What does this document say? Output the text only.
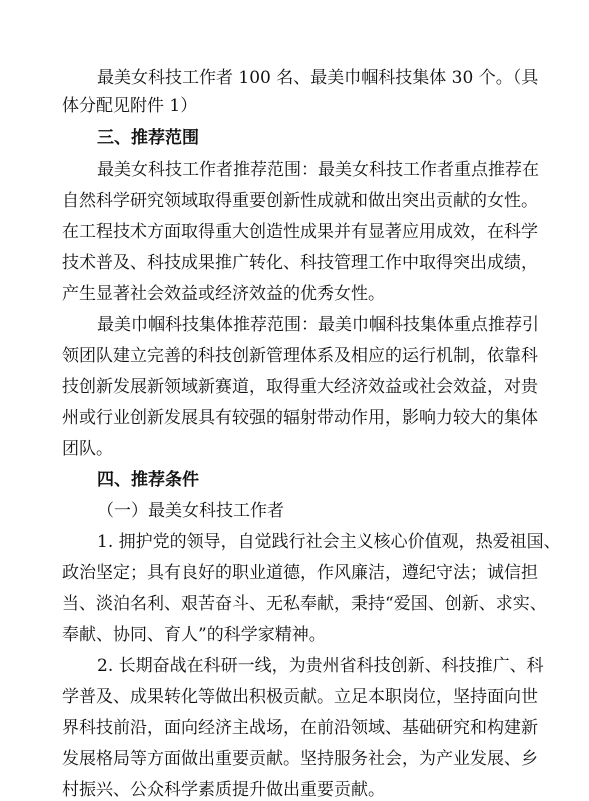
最美女科技工作者 100 名、最美巾帼科技集体 30 个。（具
体分配见附件 1）
三、推荐范围
最美女科技工作者推荐范围：最美女科技工作者重点推荐在
自然科学研究领域取得重要创新性成就和做出突出贡献的女性。
在工程技术方面取得重大创造性成果并有显著应用成效，在科学
技术普及、科技成果推广转化、科技管理工作中取得突出成绩，
产生显著社会效益或经济效益的优秀女性。
最美巾帼科技集体推荐范围：最美巾帼科技集体重点推荐引
领团队建立完善的科技创新管理体系及相应的运行机制，依靠科
技创新发展新领域新赛道，取得重大经济效益或社会效益，对贵
州或行业创新发展具有较强的辐射带动作用，影响力较大的集体
团队。
四、推荐条件
（一）最美女科技工作者
1. 拥护党的领导，自觉践行社会主义核心价值观，热爱祖国、
政治坚定；具有良好的职业道德，作风廉洁，遵纪守法；诚信担
当、淡泊名利、艰苦奋斗、无私奉献，秉持“爱国、创新、求实、
奉献、协同、育人”的科学家精神。
2. 长期奋战在科研一线，为贵州省科技创新、科技推广、科
学普及、成果转化等做出积极贡献。立足本职岗位，坚持面向世
界科技前沿，面向经济主战场，在前沿领域、基础研究和构建新
发展格局等方面做出重要贡献。坚持服务社会，为产业发展、乡
村振兴、公众科学素质提升做出重要贡献。
